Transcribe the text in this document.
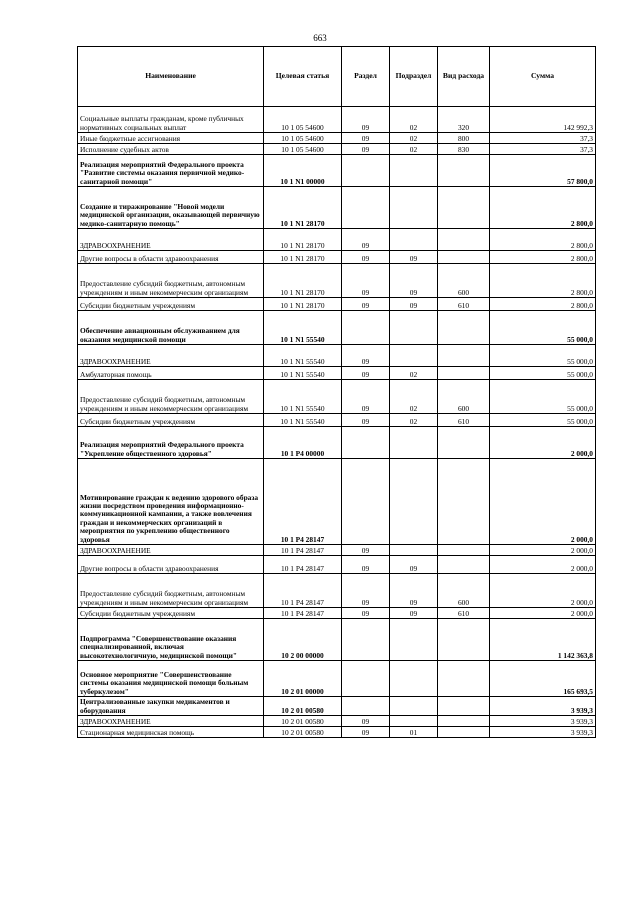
663
Наименование	Целевая статья	Раздел	Подраздел	Вид расхода	Сумма
Социальные выплаты гражданам, кроме публичных нормативных социальных выплат	10 1 05 54600	09	02	320	142 992,3
Иные бюджетные ассигнования	10 1 05 54600	09	02	800	37,3
Исполнение судебных актов	10 1 05 54600	09	02	830	37,3
Реализация мероприятий Федерального проекта "Развитие системы оказания первичной медико-санитарной помощи"	10 1 N1 00000				57 800,0
Создание и тиражирование "Новой модели медицинской организации, оказывающей первичную медико-санитарную помощь"	10 1 N1 28170				2 800,0
ЗДРАВООХРАНЕНИЕ	10 1 N1 28170	09			2 800,0
Другие вопросы в области здравоохранения	10 1 N1 28170	09	09		2 800,0
Предоставление субсидий бюджетным, автономным учреждениям и иным некоммерческим организациям	10 1 N1 28170	09	09	600	2 800,0
Субсидии бюджетным учреждениям	10 1 N1 28170	09	09	610	2 800,0
Обеспечение авиационным обслуживанием для оказания медицинской помощи	10 1 N1 55540				55 000,0
ЗДРАВООХРАНЕНИЕ	10 1 N1 55540	09			55 000,0
Амбулаторная помощь	10 1 N1 55540	09	02		55 000,0
Предоставление субсидий бюджетным, автономным учреждениям и иным некоммерческим организациям	10 1 N1 55540	09	02	600	55 000,0
Субсидии бюджетным учреждениям	10 1 N1 55540	09	02	610	55 000,0
Реализация мероприятий Федерального проекта "Укрепление общественного здоровья"	10 1 P4 00000				2 000,0
Мотивирование граждан к ведению здорового образа жизни посредством проведения информационно-коммуникационной кампании, а также вовлечения граждан и некоммерческих организаций в мероприятия по укреплению общественного здоровья	10 1 P4 28147				2 000,0
ЗДРАВООХРАНЕНИЕ	10 1 P4 28147	09			2 000,0
Другие вопросы в области здравоохранения	10 1 P4 28147	09	09		2 000,0
Предоставление субсидий бюджетным, автономным учреждениям и иным некоммерческим организациям	10 1 P4 28147	09	09	600	2 000,0
Субсидии бюджетным учреждениям	10 1 P4 28147	09	09	610	2 000,0
Подпрограмма "Совершенствование оказания специализированной, включая высокотехнологичную, медицинской помощи"	10 2 00 00000				1 142 363,8
Основное мероприятие "Совершенствование системы оказания медицинской помощи больным туберкулезом"	10 2 01 00000				165 693,5
Централизованные закупки медикаментов и оборудования	10 2 01 00580				3 939,3
ЗДРАВООХРАНЕНИЕ	10 2 01 00580	09			3 939,3
Стационарная медицинская помощь	10 2 01 00580	09	01		3 939,3
